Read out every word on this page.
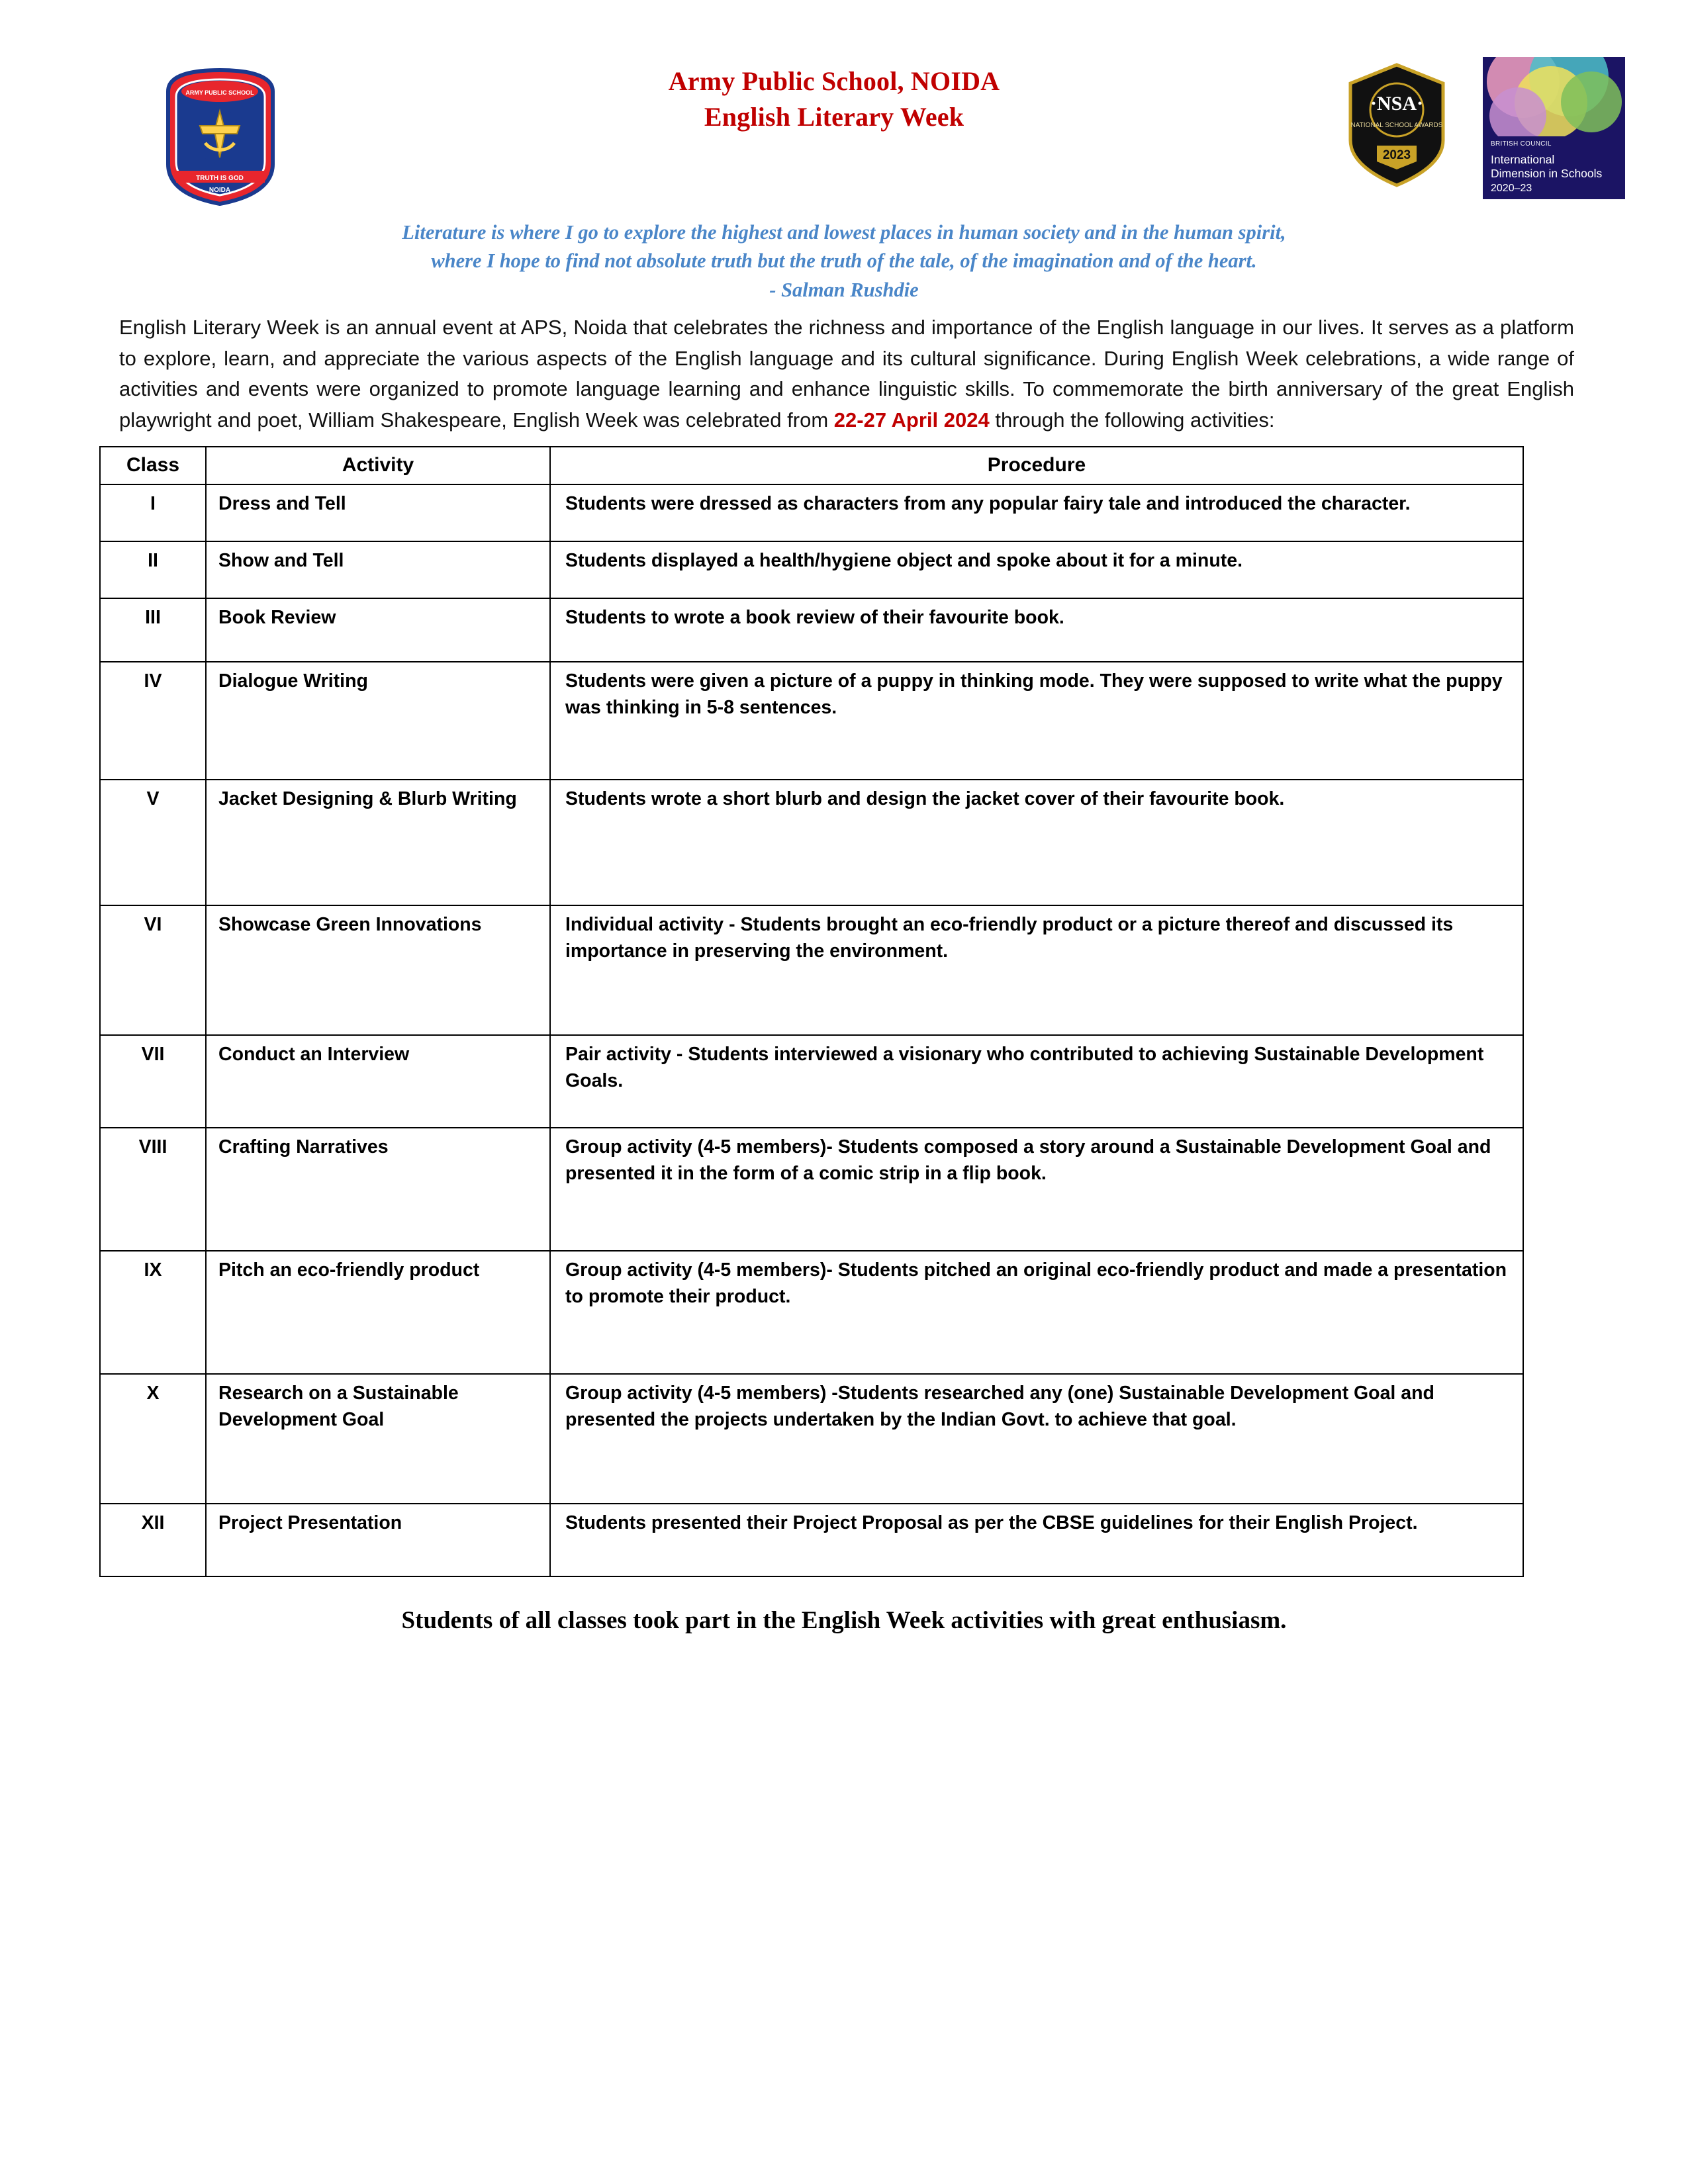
ARMY PUBLIC SCHOOL
TRUTH IS GOD
NOIDA
Army Public School, NOIDA
English Literary Week	·NSA·
NATIONAL SCHOOL AWARDS
2023
BRITISH COUNCIL
International
Dimension in Schools
2020–23
Literature is where I go to explore the highest and lowest places in human society and in the human spirit,
where I hope to find not absolute truth but the truth of the tale, of the imagination and of the heart.
- Salman Rushdie

English Literary Week is an annual event at APS, Noida that celebrates the richness and importance of the English language in our lives. It serves as a platform to explore, learn, and appreciate the various aspects of the English language and its cultural significance. During English Week celebrations, a wide range of activities and events were organized to promote language learning and enhance linguistic skills. To commemorate the birth anniversary of the great English playwright and poet, William Shakespeare, English Week was celebrated from 22-27 April 2024 through the following activities:

Class	Activity	Procedure
I	Dress and Tell	Students were dressed as characters from any popular fairy tale and introduced the character.
II	Show and Tell	Students displayed a health/hygiene object and spoke about it for a minute.
III	Book Review	Students to wrote a book review of their favourite book.
IV	Dialogue Writing	Students were given a picture of a puppy in thinking mode. They were supposed to write what the puppy was thinking in 5-8 sentences.
V	Jacket Designing & Blurb Writing	Students wrote a short blurb and design the jacket cover of their favourite book.
VI	Showcase Green Innovations	Individual activity - Students brought an eco-friendly product or a picture thereof and discussed its importance in preserving the environment.
VII	Conduct an Interview	Pair activity - Students interviewed a visionary who contributed to achieving Sustainable Development Goals.
VIII	Crafting Narratives	Group activity (4-5 members)- Students composed a story around a Sustainable Development Goal and presented it in the form of a comic strip in a flip book.
IX	Pitch an eco-friendly product	Group activity (4-5 members)- Students pitched an original eco-friendly product and made a presentation to promote their product.
X	Research on a Sustainable Development Goal	Group activity (4-5 members) -Students researched any (one) Sustainable Development Goal and presented the projects undertaken by the Indian Govt. to achieve that goal.
XII	Project Presentation	Students presented their Project Proposal as per the CBSE guidelines for their English Project.
Students of all classes took part in the English Week activities with great enthusiasm.
